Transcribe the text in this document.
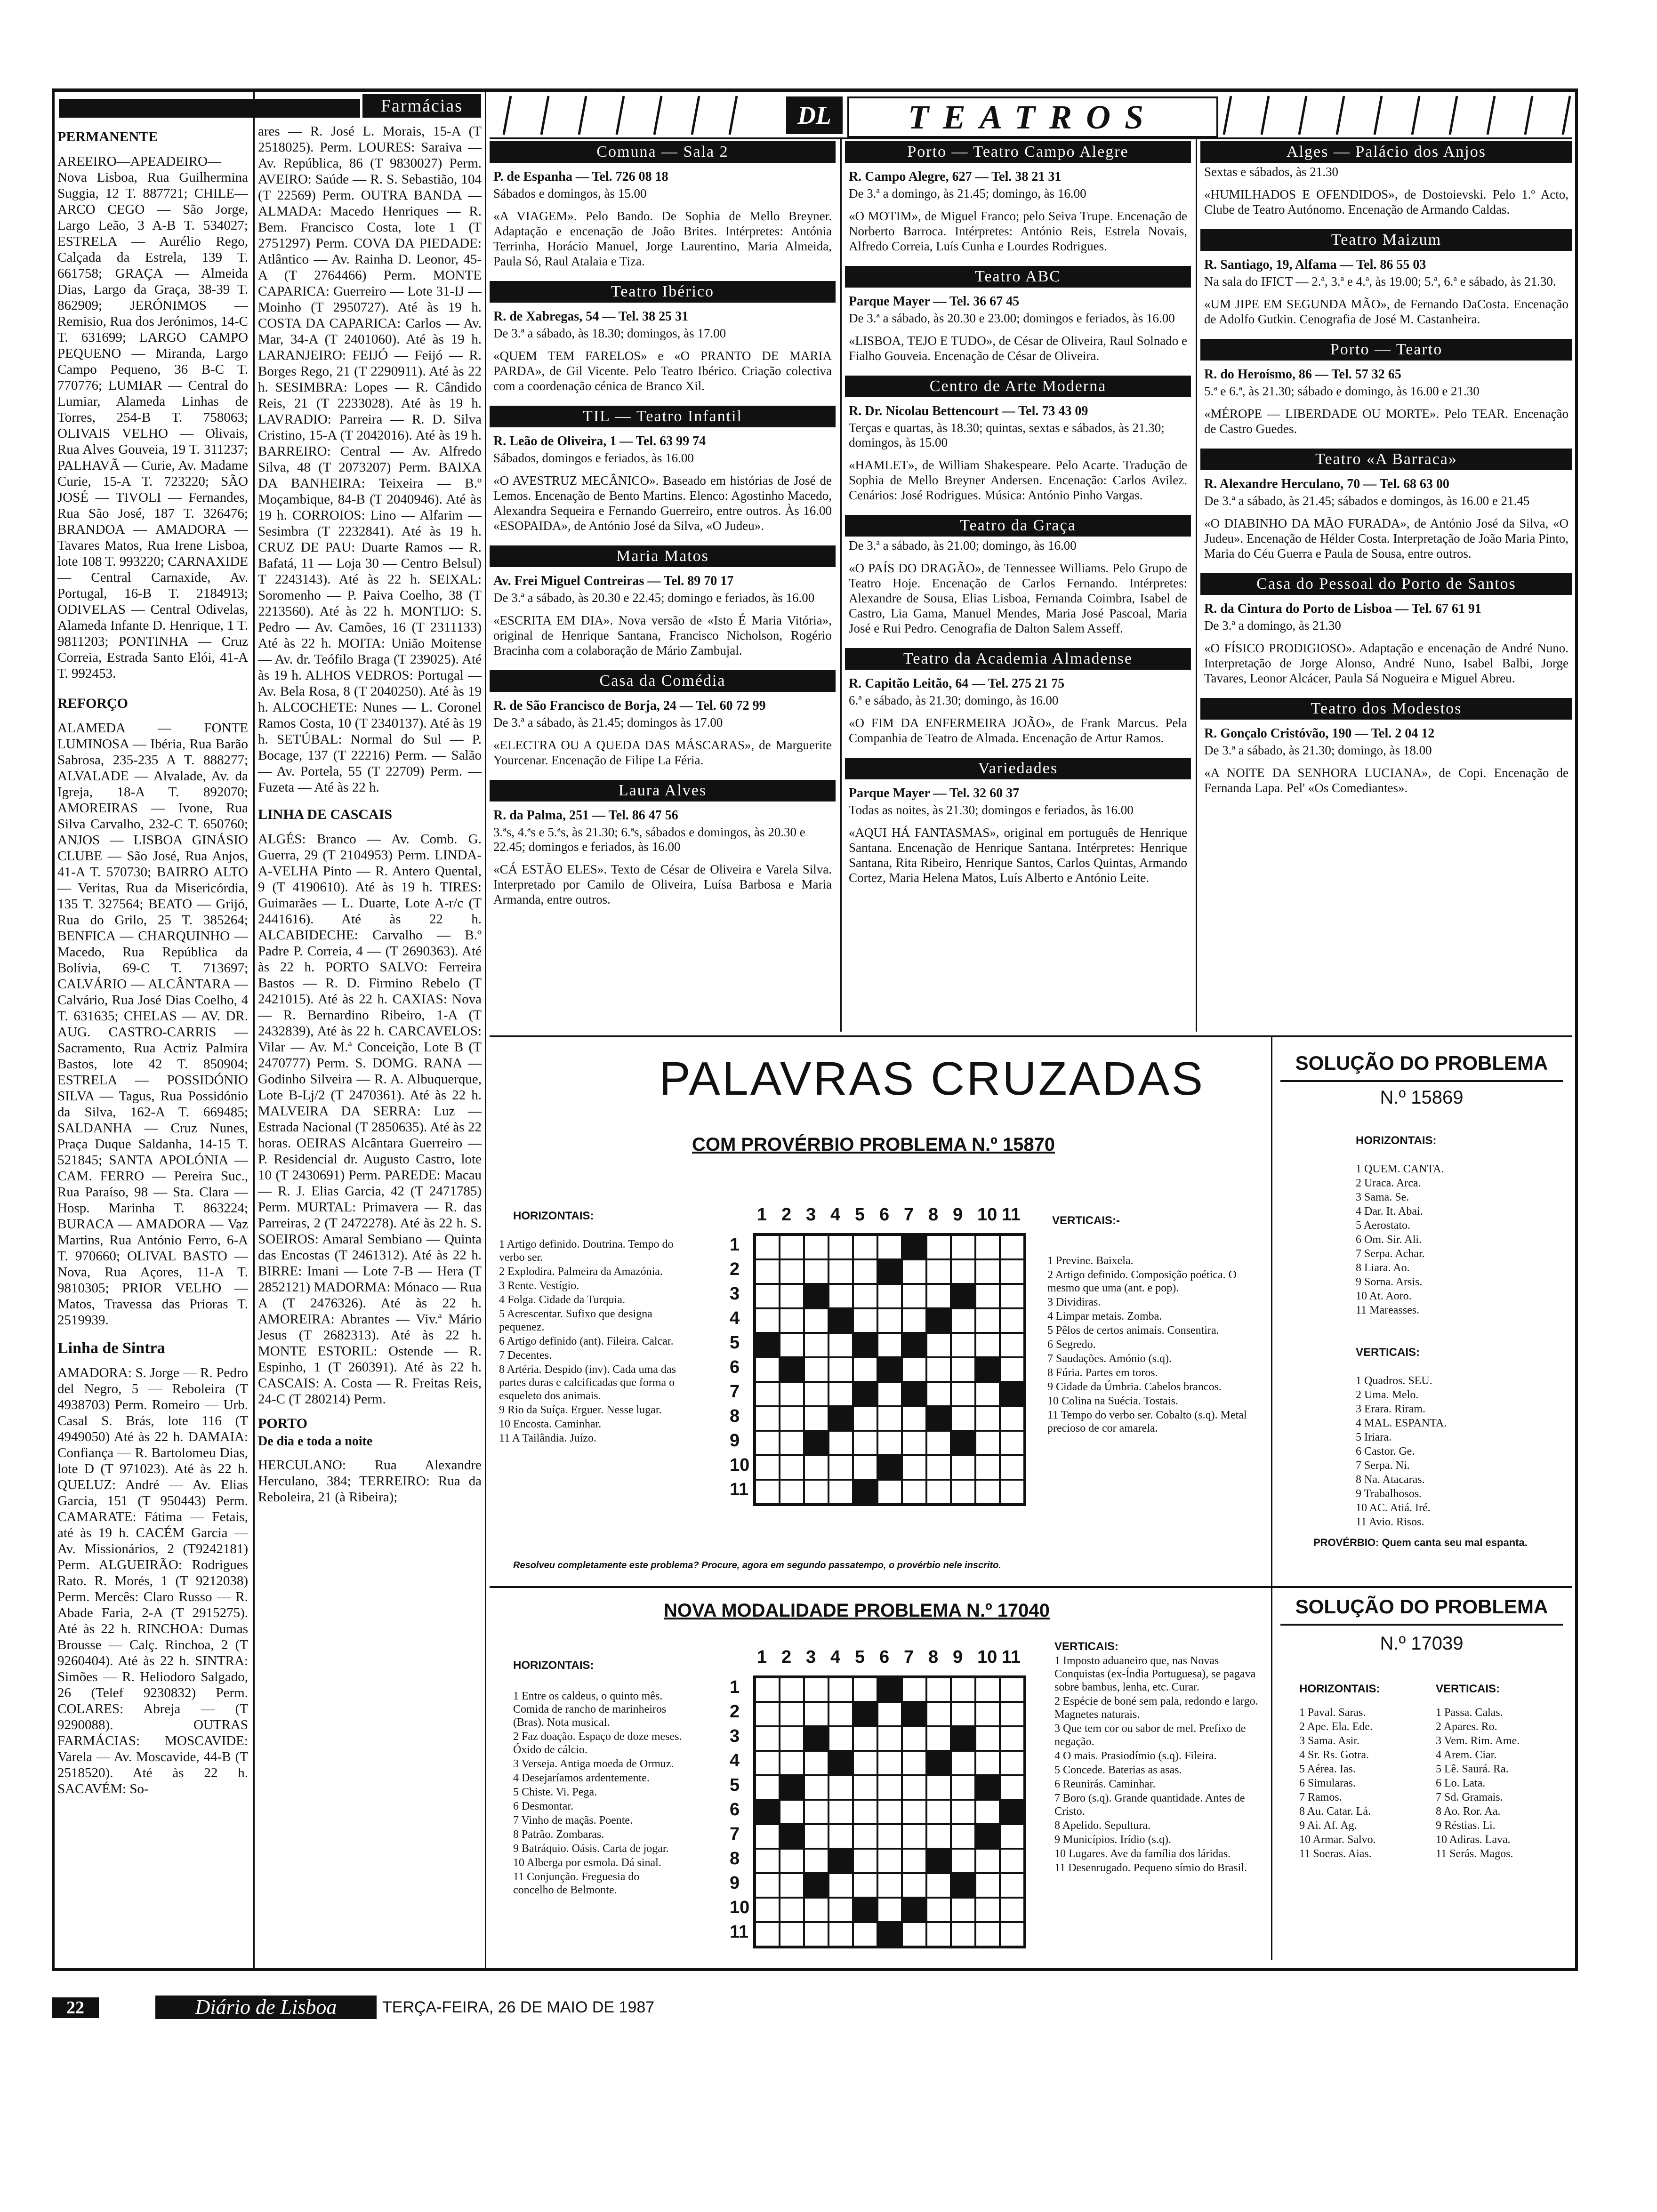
Farmácias
PERMANENTE

AREEIRO—APEADEIRO—Nova Lisboa, Rua Guilhermina Suggia, 12 T. 887721; CHILE—ARCO CEGO — São Jorge, Largo Leão, 3 A-B T. 534027; ESTRELA — Aurélio Rego, Calçada da Estrela, 139 T. 661758; GRAÇA — Almeida Dias, Largo da Graça, 38-39 T. 862909; JERÓNIMOS — Remisio, Rua dos Jerónimos, 14-C T. 631699; LARGO CAMPO PEQUENO — Miranda, Largo Campo Pequeno, 36 B-C T. 770776; LUMIAR — Central do Lumiar, Alameda Linhas de Torres, 254-B T. 758063; OLIVAIS VELHO — Olivais, Rua Alves Gouveia, 19 T. 311237; PALHAVÃ — Curie, Av. Madame Curie, 15-A T. 723220; SÃO JOSÉ — TIVOLI — Fernandes, Rua São José, 187 T. 326476; BRANDOA — AMADORA — Tavares Matos, Rua Irene Lisboa, lote 108 T. 993220; CARNAXIDE — Central Carnaxide, Av. Portugal, 16-B T. 2184913; ODIVELAS — Central Odivelas, Alameda Infante D. Henrique, 1 T. 9811203; PONTINHA — Cruz Correia, Estrada Santo Elói, 41-A T. 992453.

REFORÇO

ALAMEDA — FONTE LUMINOSA — Ibéria, Rua Barão Sabrosa, 235-235 A T. 888277; ALVALADE — Alvalade, Av. da Igreja, 18-A T. 892070; AMOREIRAS — Ivone, Rua Silva Carvalho, 232-C T. 650760; ANJOS — LISBOA GINÁSIO CLUBE — São José, Rua Anjos, 41-A T. 570730; BAIRRO ALTO — Veritas, Rua da Misericórdia, 135 T. 327564; BEATO — Grijó, Rua do Grilo, 25 T. 385264; BENFICA — CHARQUINHO — Macedo, Rua República da Bolívia, 69-C T. 713697; CALVÁRIO — ALCÂNTARA — Calvário, Rua José Dias Coelho, 4 T. 631635; CHELAS — AV. DR. AUG. CASTRO-CARRIS — Sacramento, Rua Actriz Palmira Bastos, lote 42 T. 850904; ESTRELA — POSSIDÓNIO SILVA — Tagus, Rua Possidónio da Silva, 162-A T. 669485; SALDANHA — Cruz Nunes, Praça Duque Saldanha, 14-15 T. 521845; SANTA APOLÓNIA — CAM. FERRO — Pereira Suc., Rua Paraíso, 98 — Sta. Clara — Hosp. Marinha T. 863224; BURACA — AMADORA — Vaz Martins, Rua António Ferro, 6-A T. 970660; OLIVAL BASTO — Nova, Rua Açores, 11-A T. 9810305; PRIOR VELHO — Matos, Travessa das Prioras T. 2519939.

Linha de Sintra

AMADORA: S. Jorge — R. Pedro del Negro, 5 — Reboleira (T 4938703) Perm. Romeiro — Urb. Casal S. Brás, lote 116 (T 4949050) Até às 22 h. DAMAIA: Confiança — R. Bartolomeu Dias, lote D (T 971023). Até às 22 h. QUELUZ: André — Av. Elias Garcia, 151 (T 950443) Perm. CAMARATE: Fátima — Fetais, até às 19 h. CACÉM Garcia — Av. Missionários, 2 (T9242181) Perm. ALGUEIRÃO: Rodrigues Rato. R. Morés, 1 (T 9212038) Perm. Mercês: Claro Russo — R. Abade Faria, 2-A (T 2915275). Até às 22 h. RINCHOA: Dumas Brousse — Calç. Rinchoa, 2 (T 9260404). Até às 22 h. SINTRA: Simões — R. Heliodoro Salgado, 26 (Telef 9230832) Perm. COLARES: Abreja — (T 9290088). OUTRAS FARMÁCIAS: MOSCAVIDE: Varela — Av. Moscavide, 44-B (T 2518520). Até às 22 h. SACAVÉM: So-

ares — R. José L. Morais, 15-A (T 2518025). Perm. LOURES: Saraiva — Av. República, 86 (T 9830027) Perm. AVEIRO: Saúde — R. S. Sebastião, 104 (T 22569) Perm. OUTRA BANDA — ALMADA: Macedo Henriques — R. Bem. Francisco Costa, lote 1 (T 2751297) Perm. COVA DA PIEDADE: Atlântico — Av. Rainha D. Leonor, 45-A (T 2764466) Perm. MONTE CAPARICA: Guerreiro — Lote 31-IJ — Moinho (T 2950727). Até às 19 h. COSTA DA CAPARICA: Carlos — Av. Mar, 34-A (T 2401060). Até às 19 h. LARANJEIRO: FEIJÓ — Feijó — R. Borges Rego, 21 (T 2290911). Até às 22 h. SESIMBRA: Lopes — R. Cândido Reis, 21 (T 2233028). Até às 19 h. LAVRADIO: Parreira — R. D. Silva Cristino, 15-A (T 2042016). Até às 19 h. BARREIRO: Central — Av. Alfredo Silva, 48 (T 2073207) Perm. BAIXA DA BANHEIRA: Teixeira — B.º Moçambique, 84-B (T 2040946). Até às 19 h. CORROIOS: Lino — Alfarim — Sesimbra (T 2232841). Até às 19 h. CRUZ DE PAU: Duarte Ramos — R. Bafatá, 11 — Loja 30 — Centro Belsul) T 2243143). Até às 22 h. SEIXAL: Soromenho — P. Paiva Coelho, 38 (T 2213560). Até às 22 h. MONTIJO: S. Pedro — Av. Camões, 16 (T 2311133) Até às 22 h. MOITA: União Moitense — Av. dr. Teófilo Braga (T 239025). Até às 19 h. ALHOS VEDROS: Portugal — Av. Bela Rosa, 8 (T 2040250). Até às 19 h. ALCOCHETE: Nunes — L. Coronel Ramos Costa, 10 (T 2340137). Até às 19 h. SETÚBAL: Normal do Sul — P. Bocage, 137 (T 22216) Perm. — Salão — Av. Portela, 55 (T 22709) Perm. — Fuzeta — Até às 22 h.

LINHA DE CASCAIS

ALGÉS: Branco — Av. Comb. G. Guerra, 29 (T 2104953) Perm. LINDA-A-VELHA Pinto — R. Antero Quental, 9 (T 4190610). Até às 19 h. TIRES: Guimarães — L. Duarte, Lote A-r/c (T 2441616). Até às 22 h. ALCABIDECHE: Carvalho — B.º Padre P. Correia, 4 — (T 2690363). Até às 22 h. PORTO SALVO: Ferreira Bastos — R. D. Firmino Rebelo (T 2421015). Até às 22 h. CAXIAS: Nova — R. Bernardino Ribeiro, 1-A (T 2432839), Até às 22 h. CARCAVELOS: Vilar — Av. M.ª Conceição, Lote B (T 2470777) Perm. S. DOMG. RANA — Godinho Silveira — R. A. Albuquerque, Lote B-Lj/2 (T 2470361). Até às 22 h. MALVEIRA DA SERRA: Luz — Estrada Nacional (T 2850635). Até às 22 horas. OEIRAS Alcântara Guerreiro — P. Residencial dr. Augusto Castro, lote 10 (T 2430691) Perm. PAREDE: Macau — R. J. Elias Garcia, 42 (T 2471785) Perm. MURTAL: Primavera — R. das Parreiras, 2 (T 2472278). Até às 22 h. S. SOEIROS: Amaral Sembiano — Quinta das Encostas (T 2461312). Até às 22 h. BIRRE: Imani — Lote 7-B — Hera (T 2852121) MADORMA: Mónaco — Rua A (T 2476326). Até às 22 h. AMOREIRA: Abrantes — Viv.ª Mário Jesus (T 2682313). Até às 22 h. MONTE ESTORIL: Ostende — R. Espinho, 1 (T 260391). Até às 22 h. CASCAIS: A. Costa — R. Freitas Reis, 24-C (T 280214) Perm.

PORTO
De dia e toda a noite

HERCULANO: Rua Alexandre Herculano, 384; TERREIRO: Rua da Reboleira, 21 (à Ribeira);

DL	TEATROS
Comuna — Sala 2
P. de Espanha — Tel. 726 08 18
Sábados e domingos, às 15.00
«A VIAGEM». Pelo Bando. De Sophia de Mello Breyner. Adaptação e encenação de João Brites. Intérpretes: Antónia Terrinha, Horácio Manuel, Jorge Laurentino, Maria Almeida, Paula Só, Raul Atalaia e Tiza.
Teatro Ibérico
R. de Xabregas, 54 — Tel. 38 25 31
De 3.ª a sábado, às 18.30; domingos, às 17.00
«QUEM TEM FARELOS» e «O PRANTO DE MARIA PARDA», de Gil Vicente. Pelo Teatro Ibérico. Criação colectiva com a coordenação cénica de Branco Xil.
TIL — Teatro Infantil
R. Leão de Oliveira, 1 — Tel. 63 99 74
Sábados, domingos e feriados, às 16.00
«O AVESTRUZ MECÂNICO». Baseado em histórias de José de Lemos. Encenação de Bento Martins. Elenco: Agostinho Macedo, Alexandra Sequeira e Fernando Guerreiro, entre outros. Às 16.00 «ESOPAIDA», de António José da Silva, «O Judeu».
Maria Matos
Av. Frei Miguel Contreiras — Tel. 89 70 17
De 3.ª a sábado, às 20.30 e 22.45; domingo e feriados, às 16.00
«ESCRITA EM DIA». Nova versão de «Isto É Maria Vitória», original de Henrique Santana, Francisco Nicholson, Rogério Bracinha com a colaboração de Mário Zambujal.
Casa da Comédia
R. de São Francisco de Borja, 24 — Tel. 60 72 99
De 3.ª a sábado, às 21.45; domingos às 17.00
«ELECTRA OU A QUEDA DAS MÁSCARAS», de Marguerite Yourcenar. Encenação de Filipe La Féria.
Laura Alves
R. da Palma, 251 — Tel. 86 47 56
3.ªs, 4.ªs e 5.ªs, às 21.30; 6.ªs, sábados e domingos, às 20.30 e 22.45; domingos e feriados, às 16.00
«CÁ ESTÃO ELES». Texto de César de Oliveira e Varela Silva. Interpretado por Camilo de Oliveira, Luísa Barbosa e Maria Armanda, entre outros.
Porto — Teatro Campo Alegre
R. Campo Alegre, 627 — Tel. 38 21 31
De 3.ª a domingo, às 21.45; domingo, às 16.00
«O MOTIM», de Miguel Franco; pelo Seiva Trupe. Encenação de Norberto Barroca. Intérpretes: António Reis, Estrela Novais, Alfredo Correia, Luís Cunha e Lourdes Rodrigues.
Teatro ABC
Parque Mayer — Tel. 36 67 45
De 3.ª a sábado, às 20.30 e 23.00; domingos e feriados, às 16.00
«LISBOA, TEJO E TUDO», de César de Oliveira, Raul Solnado e Fialho Gouveia. Encenação de César de Oliveira.
Centro de Arte Moderna
R. Dr. Nicolau Bettencourt — Tel. 73 43 09
Terças e quartas, às 18.30; quintas, sextas e sábados, às 21.30; domingos, às 15.00
«HAMLET», de William Shakespeare. Pelo Acarte. Tradução de Sophia de Mello Breyner Andersen. Encenação: Carlos Avilez. Cenários: José Rodrigues. Música: António Pinho Vargas.
Teatro da Graça
De 3.ª a sábado, às 21.00; domingo, às 16.00
«O PAÍS DO DRAGÃO», de Tennessee Williams. Pelo Grupo de Teatro Hoje. Encenação de Carlos Fernando. Intérpretes: Alexandre de Sousa, Elias Lisboa, Fernanda Coimbra, Isabel de Castro, Lia Gama, Manuel Mendes, Maria José Pascoal, Maria José e Rui Pedro. Cenografia de Dalton Salem Asseff.
Teatro da Academia Almadense
R. Capitão Leitão, 64 — Tel. 275 21 75
6.ª e sábado, às 21.30; domingo, às 16.00
«O FIM DA ENFERMEIRA JOÃO», de Frank Marcus. Pela Companhia de Teatro de Almada. Encenação de Artur Ramos.
Variedades
Parque Mayer — Tel. 32 60 37
Todas as noites, às 21.30; domingos e feriados, às 16.00
«AQUI HÁ FANTASMAS», original em português de Henrique Santana. Encenação de Henrique Santana. Intérpretes: Henrique Santana, Rita Ribeiro, Henrique Santos, Carlos Quintas, Armando Cortez, Maria Helena Matos, Luís Alberto e António Leite.
Alges — Palácio dos Anjos
Sextas e sábados, às 21.30
«HUMILHADOS E OFENDIDOS», de Dostoievski. Pelo 1.º Acto, Clube de Teatro Autónomo. Encenação de Armando Caldas.
Teatro Maizum
R. Santiago, 19, Alfama — Tel. 86 55 03
Na sala do IFICT — 2.ª, 3.ª e 4.ª, às 19.00; 5.ª, 6.ª e sábado, às 21.30.
«UM JIPE EM SEGUNDA MÃO», de Fernando DaCosta. Encenação de Adolfo Gutkin. Cenografia de José M. Castanheira.
Porto — Tearto
R. do Heroísmo, 86 — Tel. 57 32 65
5.ª e 6.ª, às 21.30; sábado e domingo, às 16.00 e 21.30
«MÉROPE — LIBERDADE OU MORTE». Pelo TEAR. Encenação de Castro Guedes.
Teatro «A Barraca»
R. Alexandre Herculano, 70 — Tel. 68 63 00
De 3.ª a sábado, às 21.45; sábados e domingos, às 16.00 e 21.45
«O DIABINHO DA MÃO FURADA», de António José da Silva, «O Judeu». Encenação de Hélder Costa. Interpretação de João Maria Pinto, Maria do Céu Guerra e Paula de Sousa, entre outros.
Casa do Pessoal do Porto de Santos
R. da Cintura do Porto de Lisboa — Tel. 67 61 91
De 3.ª a domingo, às 21.30
«O FÍSICO PRODIGIOSO». Adaptação e encenação de André Nuno. Interpretação de Jorge Alonso, André Nuno, Isabel Balbi, Jorge Tavares, Leonor Alcácer, Paula Sá Nogueira e Miguel Abreu.
Teatro dos Modestos
R. Gonçalo Cristóvão, 190 — Tel. 2 04 12
De 3.ª a sábado, às 21.30; domingo, às 18.00
«A NOITE DA SENHORA LUCIANA», de Copi. Encenação de Fernanda Lapa. Pel' «Os Comediantes».
PALAVRAS CRUZADAS
COM PROVÉRBIO PROBLEMA N.º 15870
HORIZONTAIS:
1 Artigo definido. Doutrina. Tempo do verbo ser.
2 Explodira. Palmeira da Amazónia.
3 Rente. Vestígio.
4 Folga. Cidade da Turquia.
5 Acrescentar. Sufixo que designa pequenez.
6 Artigo definido (ant). Fileira. Calcar.
7 Decentes.
8 Artéria. Despido (inv). Cada uma das partes duras e calcificadas que forma o esqueleto dos animais.
9 Rio da Suíça. Erguer. Nesse lugar.
10 Encosta. Caminhar.
11 A Tailândia. Juízo.
VERTICAIS:-
1 Previne. Baixela.
2 Artigo definido. Composição poética. O mesmo que uma (ant. e pop).
3 Dividiras.
4 Limpar metais. Zomba.
5 Pêlos de certos animais. Consentira.
6 Segredo.
7 Saudações. Amónio (s.q).
8 Fúria. Partes em toros.
9 Cidade da Úmbria. Cabelos brancos.
10 Colina na Suécia. Tostais.
11 Tempo do verbo ser. Cobalto (s.q). Metal precioso de cor amarela.
1 2 3 4 5 6 7 8 9 10 11
1
2
3
4
5
6
7
8
9
10
11
Resolveu completamente este problema? Procure, agora em segundo passatempo, o provérbio nele inscrito.
SOLUÇÃO DO PROBLEMA
N.º 15869
HORIZONTAIS:
1 QUEM. CANTA.
2 Uraca. Arca.
3 Sama. Se.
4 Dar. It. Abai.
5 Aerostato.
6 Om. Sir. Ali.
7 Serpa. Achar.
8 Liara. Ao.
9 Sorna. Arsis.
10 At. Aoro.
11 Mareasses.
VERTICAIS:
1 Quadros. SEU.
2 Uma. Melo.
3 Erara. Riram.
4 MAL. ESPANTA.
5 Iriara.
6 Castor. Ge.
7 Serpa. Ni.
8 Na. Atacaras.
9 Trabalhosos.
10 AC. Atiá. Iré.
11 Avio. Risos.
PROVÉRBIO: Quem canta seu mal espanta.
NOVA MODALIDADE PROBLEMA N.º 17040
HORIZONTAIS:
1 Entre os caldeus, o quinto mês. Comida de rancho de marinheiros (Bras). Nota musical.
2 Faz doação. Espaço de doze meses. Óxido de cálcio.
3 Verseja. Antiga moeda de Ormuz.
4 Desejaríamos ardentemente.
5 Chiste. Vi. Pega.
6 Desmontar.
7 Vinho de maçãs. Poente.
8 Patrão. Zombaras.
9 Batráquio. Oásis. Carta de jogar.
10 Alberga por esmola. Dá sinal.
11 Conjunção. Freguesia do concelho de Belmonte.
VERTICAIS:
1 Imposto aduaneiro que, nas Novas Conquistas (ex-Índia Portuguesa), se pagava sobre bambus, lenha, etc. Curar.
2 Espécie de boné sem pala, redondo e largo. Magnetes naturais.
3 Que tem cor ou sabor de mel. Prefixo de negação.
4 O mais. Prasiodímio (s.q). Fileira.
5 Concede. Baterias as asas.
6 Reunirás. Caminhar.
7 Boro (s.q). Grande quantidade. Antes de Cristo.
8 Apelido. Sepultura.
9 Municípios. Irídio (s.q).
10 Lugares. Ave da família dos láridas.
11 Desenrugado. Pequeno símio do Brasil.
1 2 3 4 5 6 7 8 9 10 11
1
2
3
4
5
6
7
8
9
10
11
SOLUÇÃO DO PROBLEMA
N.º 17039
HORIZONTAIS:
1 Paval. Saras.
2 Ape. Ela. Ede.
3 Sama. Asir.
4 Sr. Rs. Gotra.
5 Aérea. Ias.
6 Simularas.
7 Ramos.
8 Au. Catar. Lá.
9 Ai. Af. Ag.
10 Armar. Salvo.
11 Soeras. Aias.
VERTICAIS:
1 Passa. Calas.
2 Apares. Ro.
3 Vem. Rim. Ame.
4 Arem. Ciar.
5 Lê. Saurá. Ra.
6 Lo. Lata.
7 Sd. Gramais.
8 Ao. Ror. Aa.
9 Réstias. Li.
10 Adiras. Lava.
11 Serás. Magos.
22	Diário de Lisboa	TERÇA-FEIRA, 26 DE MAIO DE 1987
